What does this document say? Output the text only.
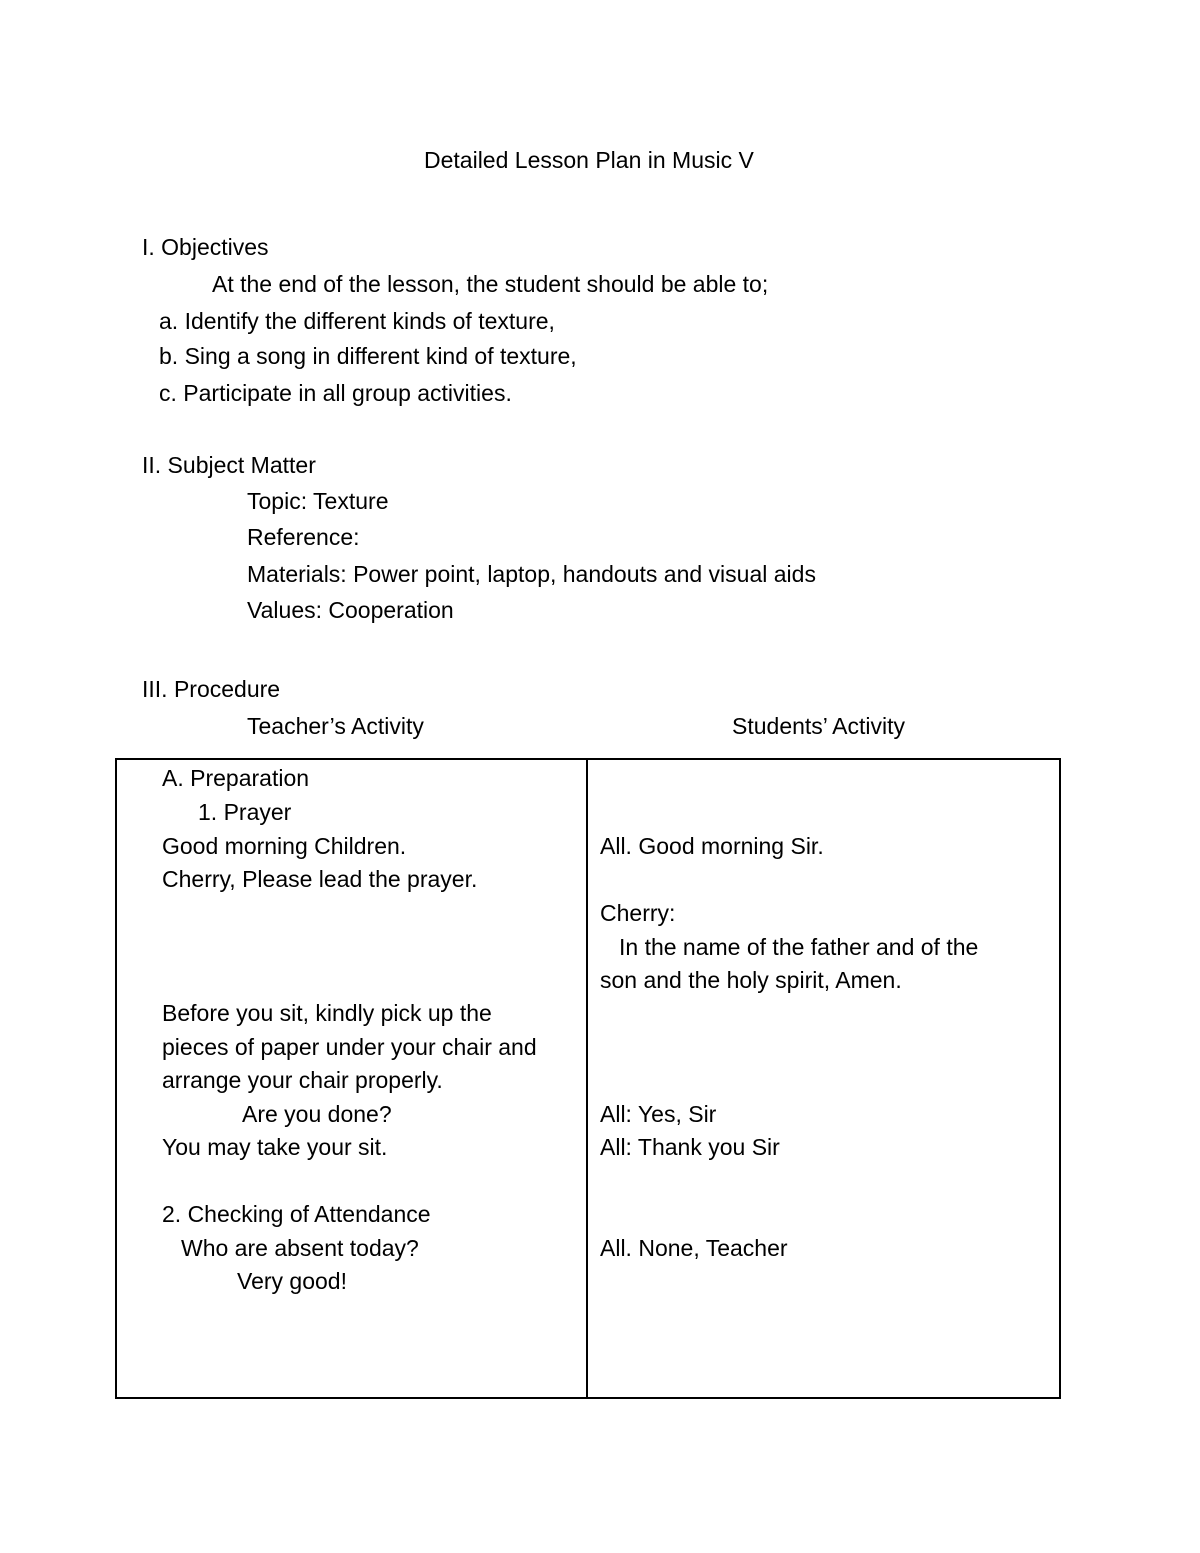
Detailed Lesson Plan in Music V
I. Objectives
At the end of the lesson, the student should be able to;
a. Identify the different kinds of texture,
b. Sing a song in different kind of texture,
c. Participate in all group activities.
II. Subject Matter
Topic: Texture
Reference:
Materials: Power point, laptop, handouts and visual aids
Values: Cooperation
III. Procedure
Teacher’s Activity	Students’ Activity
A. Preparation
1. Prayer
Good morning Children.
Cherry, Please lead the prayer.
Before you sit, kindly pick up the
pieces of paper under your chair and
arrange your chair properly.
Are you done?
You may take your sit.
2. Checking of Attendance
Who are absent today?
Very good!
All. Good morning Sir.
Cherry:
In the name of the father and of the
son and the holy spirit, Amen.
All: Yes, Sir
All: Thank you Sir
All. None, Teacher
